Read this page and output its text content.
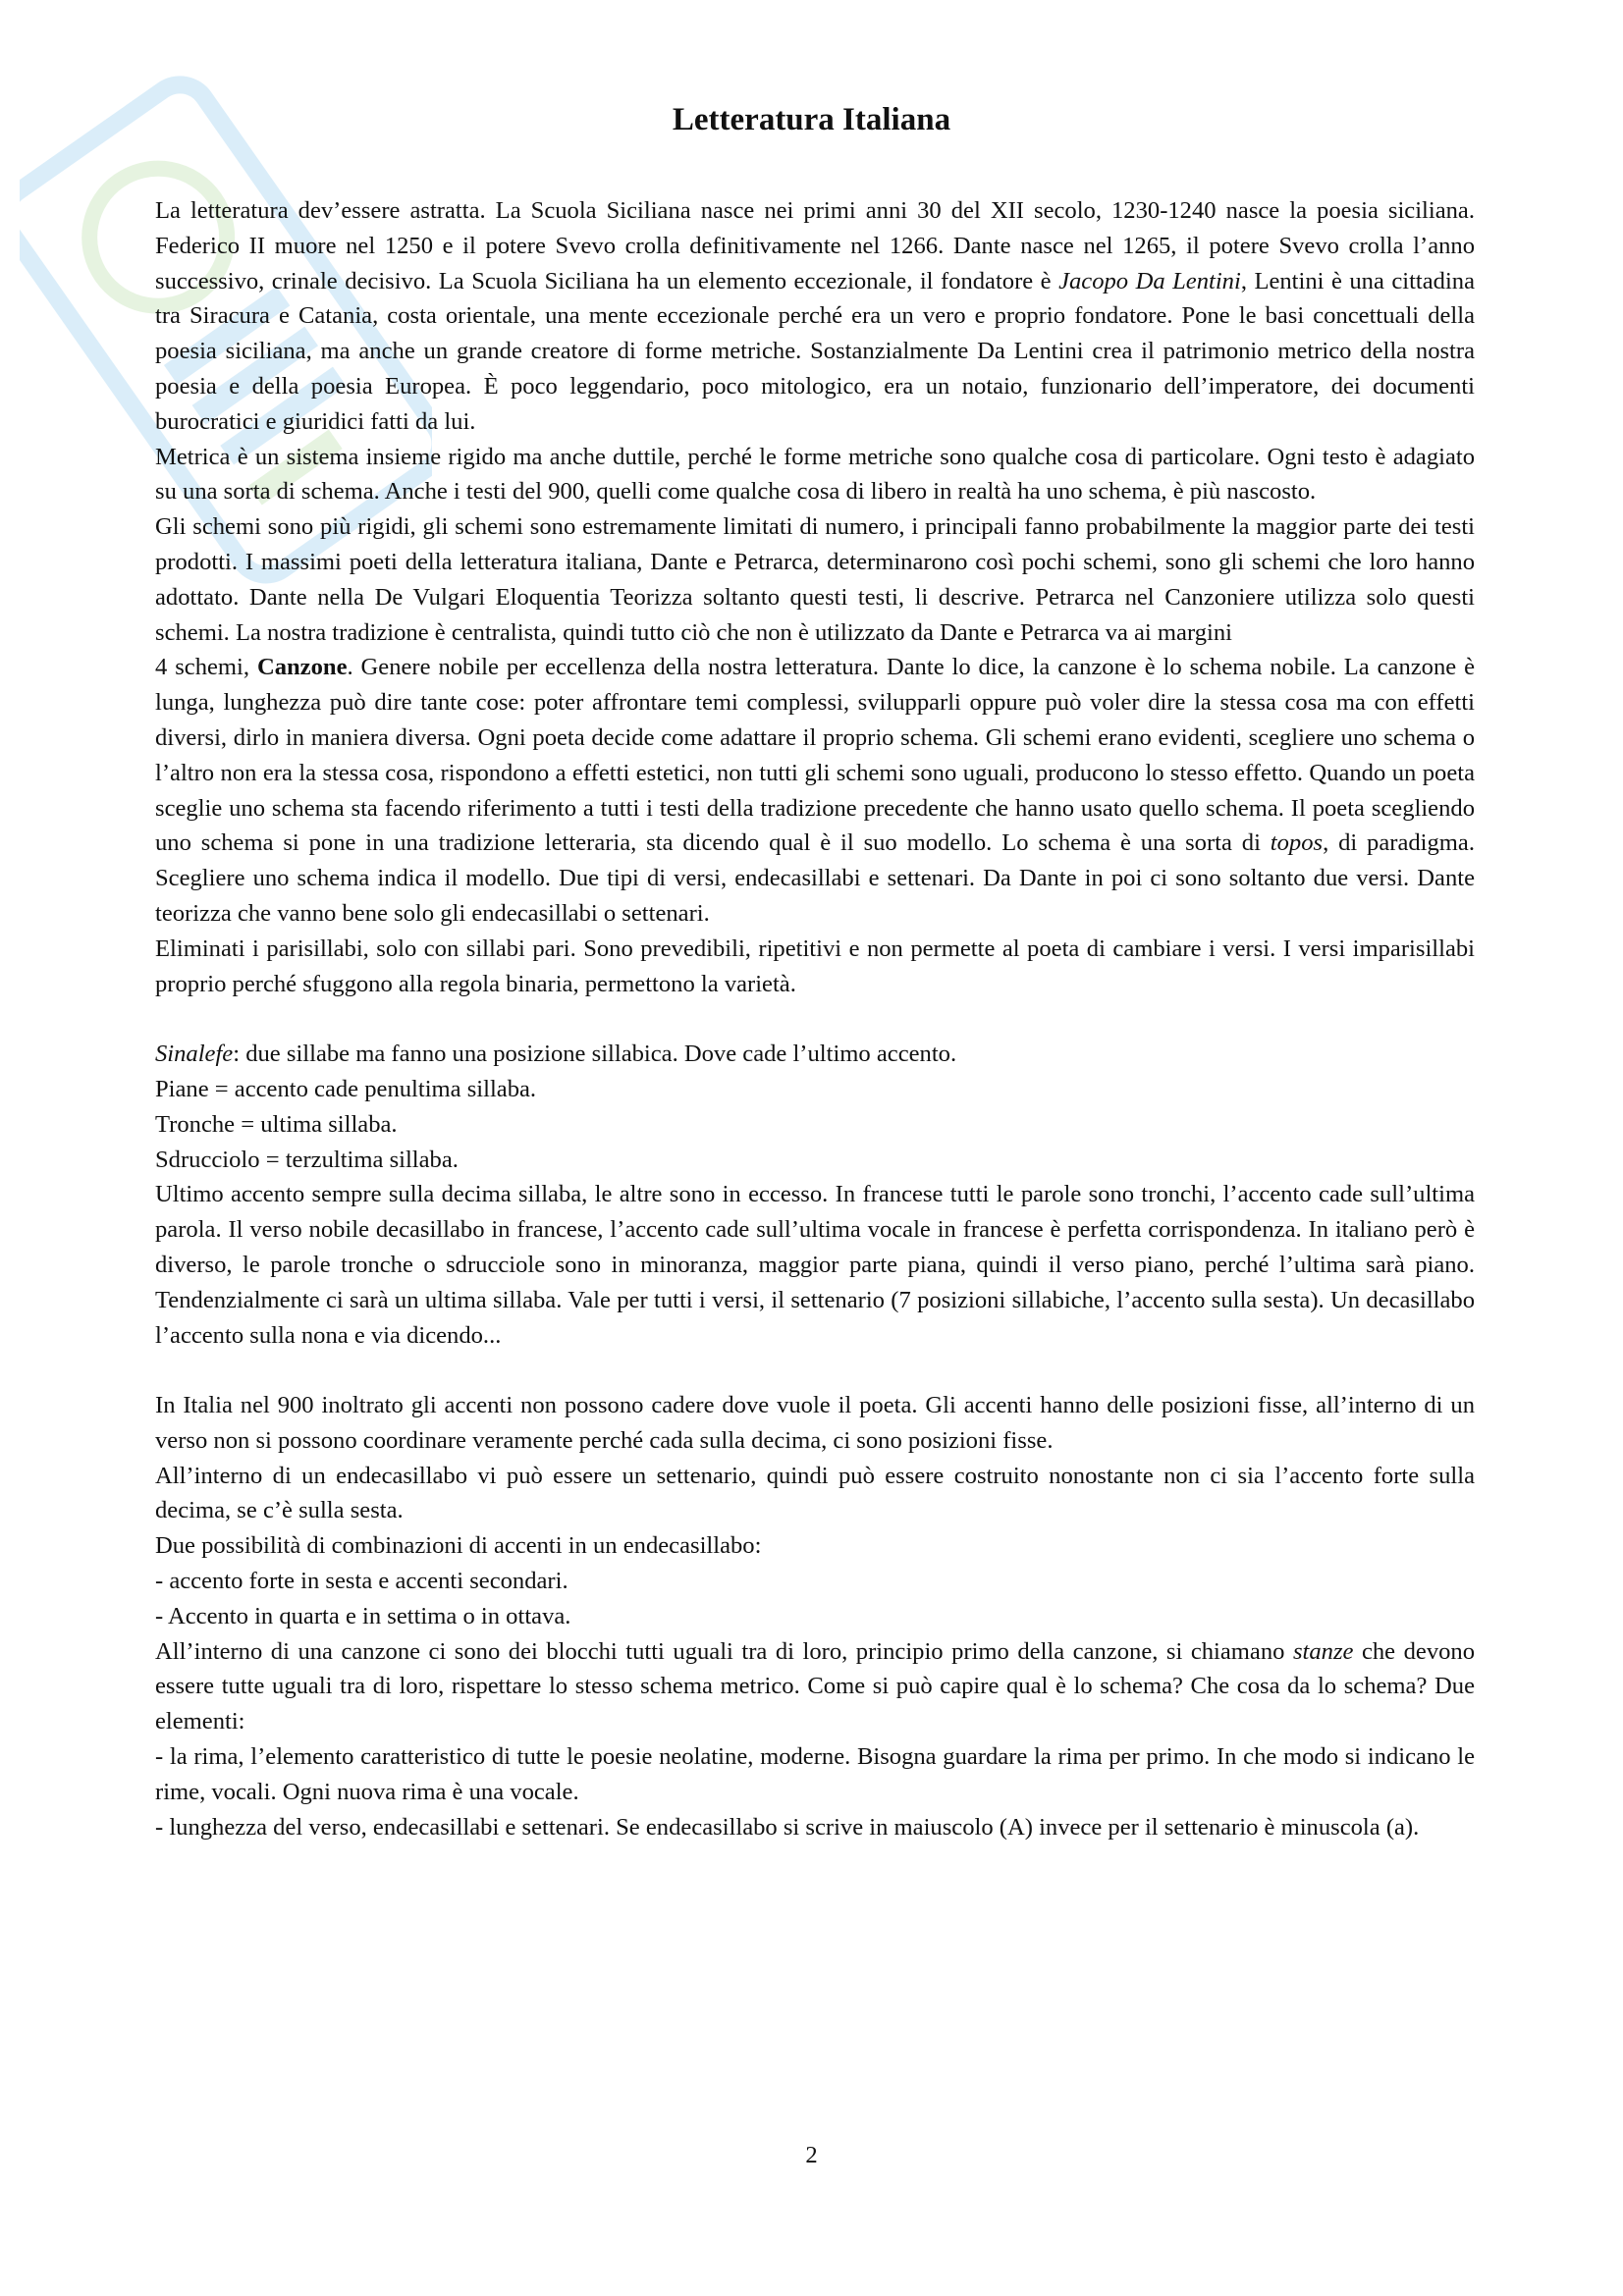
Letteratura Italiana

La letteratura dev’essere astratta. La Scuola Siciliana nasce nei primi anni 30 del XII secolo, 1230-1240 nasce la poesia siciliana. Federico II muore nel 1250 e il potere Svevo crolla definitivamente nel 1266. Dante nasce nel 1265, il potere Svevo crolla l’anno successivo, crinale decisivo. La Scuola Siciliana ha un elemento eccezionale, il fondatore è Jacopo Da Lentini, Lentini è una cittadina tra Siracura e Catania, costa orientale, una mente eccezionale perché era un vero e proprio fondatore. Pone le basi concettuali della poesia siciliana, ma anche un grande creatore di forme metriche. Sostanzialmente Da Lentini crea il patrimonio metrico della nostra poesia e della poesia Europea. È poco leggendario, poco mitologico, era un notaio, funzionario dell’imperatore, dei documenti burocratici e giuridici fatti da lui.

Metrica è un sistema insieme rigido ma anche duttile, perché le forme metriche sono qualche cosa di particolare. Ogni testo è adagiato su una sorta di schema. Anche i testi del 900, quelli come qualche cosa di libero in realtà ha uno schema, è più nascosto.

Gli schemi sono più rigidi, gli schemi sono estremamente limitati di numero, i principali fanno probabilmente la maggior parte dei testi prodotti. I massimi poeti della letteratura italiana, Dante e Petrarca, determinarono così pochi schemi, sono gli schemi che loro hanno adottato. Dante nella De Vulgari Eloquentia Teorizza soltanto questi testi, li descrive. Petrarca nel Canzoniere utilizza solo questi schemi. La nostra tradizione è centralista, quindi tutto ciò che non è utilizzato da Dante e Petrarca va ai margini

4 schemi, Canzone. Genere nobile per eccellenza della nostra letteratura. Dante lo dice, la canzone è lo schema nobile. La canzone è lunga, lunghezza può dire tante cose: poter affrontare temi complessi, svilupparli oppure può voler dire la stessa cosa ma con effetti diversi, dirlo in maniera diversa. Ogni poeta decide come adattare il proprio schema. Gli schemi erano evidenti, scegliere uno schema o l’altro non era la stessa cosa, rispondono a effetti estetici, non tutti gli schemi sono uguali, producono lo stesso effetto. Quando un poeta sceglie uno schema sta facendo riferimento a tutti i testi della tradizione precedente che hanno usato quello schema. Il poeta scegliendo uno schema si pone in una tradizione letteraria, sta dicendo qual è il suo modello. Lo schema è una sorta di topos, di paradigma. Scegliere uno schema indica il modello. Due tipi di versi, endecasillabi e settenari. Da Dante in poi ci sono soltanto due versi. Dante teorizza che vanno bene solo gli endecasillabi o settenari.

Eliminati i parisillabi, solo con sillabi pari. Sono prevedibili, ripetitivi e non permette al poeta di cambiare i versi. I versi imparisillabi proprio perché sfuggono alla regola binaria, permettono la varietà.

Sinalefe: due sillabe ma fanno una posizione sillabica. Dove cade l’ultimo accento.

Piane = accento cade penultima sillaba.

Tronche = ultima sillaba.

Sdrucciolo = terzultima sillaba.

Ultimo accento sempre sulla decima sillaba, le altre sono in eccesso. In francese tutti le parole sono tronchi, l’accento cade sull’ultima parola. Il verso nobile decasillabo in francese, l’accento cade sull’ultima vocale in francese è perfetta corrispondenza. In italiano però è diverso, le parole tronche o sdrucciole sono in minoranza, maggior parte piana, quindi il verso piano, perché l’ultima sarà piano. Tendenzialmente ci sarà un ultima sillaba. Vale per tutti i versi, il settenario (7 posizioni sillabiche, l’accento sulla sesta). Un decasillabo l’accento sulla nona e via dicendo...

In Italia nel 900 inoltrato gli accenti non possono cadere dove vuole il poeta. Gli accenti hanno delle posizioni fisse, all’interno di un verso non si possono coordinare veramente perché cada sulla decima, ci sono posizioni fisse.

All’interno di un endecasillabo vi può essere un settenario, quindi può essere costruito nonostante non ci sia l’accento forte sulla decima, se c’è sulla sesta.

Due possibilità di combinazioni di accenti in un endecasillabo:

- accento forte in sesta e accenti secondari.

- Accento in quarta e in settima o in ottava.

All’interno di una canzone ci sono dei blocchi tutti uguali tra di loro, principio primo della canzone, si chiamano stanze che devono essere tutte uguali tra di loro, rispettare lo stesso schema metrico. Come si può capire qual è lo schema? Che cosa da lo schema? Due elementi:

- la rima, l’elemento caratteristico di tutte le poesie neolatine, moderne. Bisogna guardare la rima per primo. In che modo si indicano le rime, vocali. Ogni nuova rima è una vocale.

- lunghezza del verso, endecasillabi e settenari. Se endecasillabo si scrive in maiuscolo (A) invece per il settenario è minuscola (a).

2
